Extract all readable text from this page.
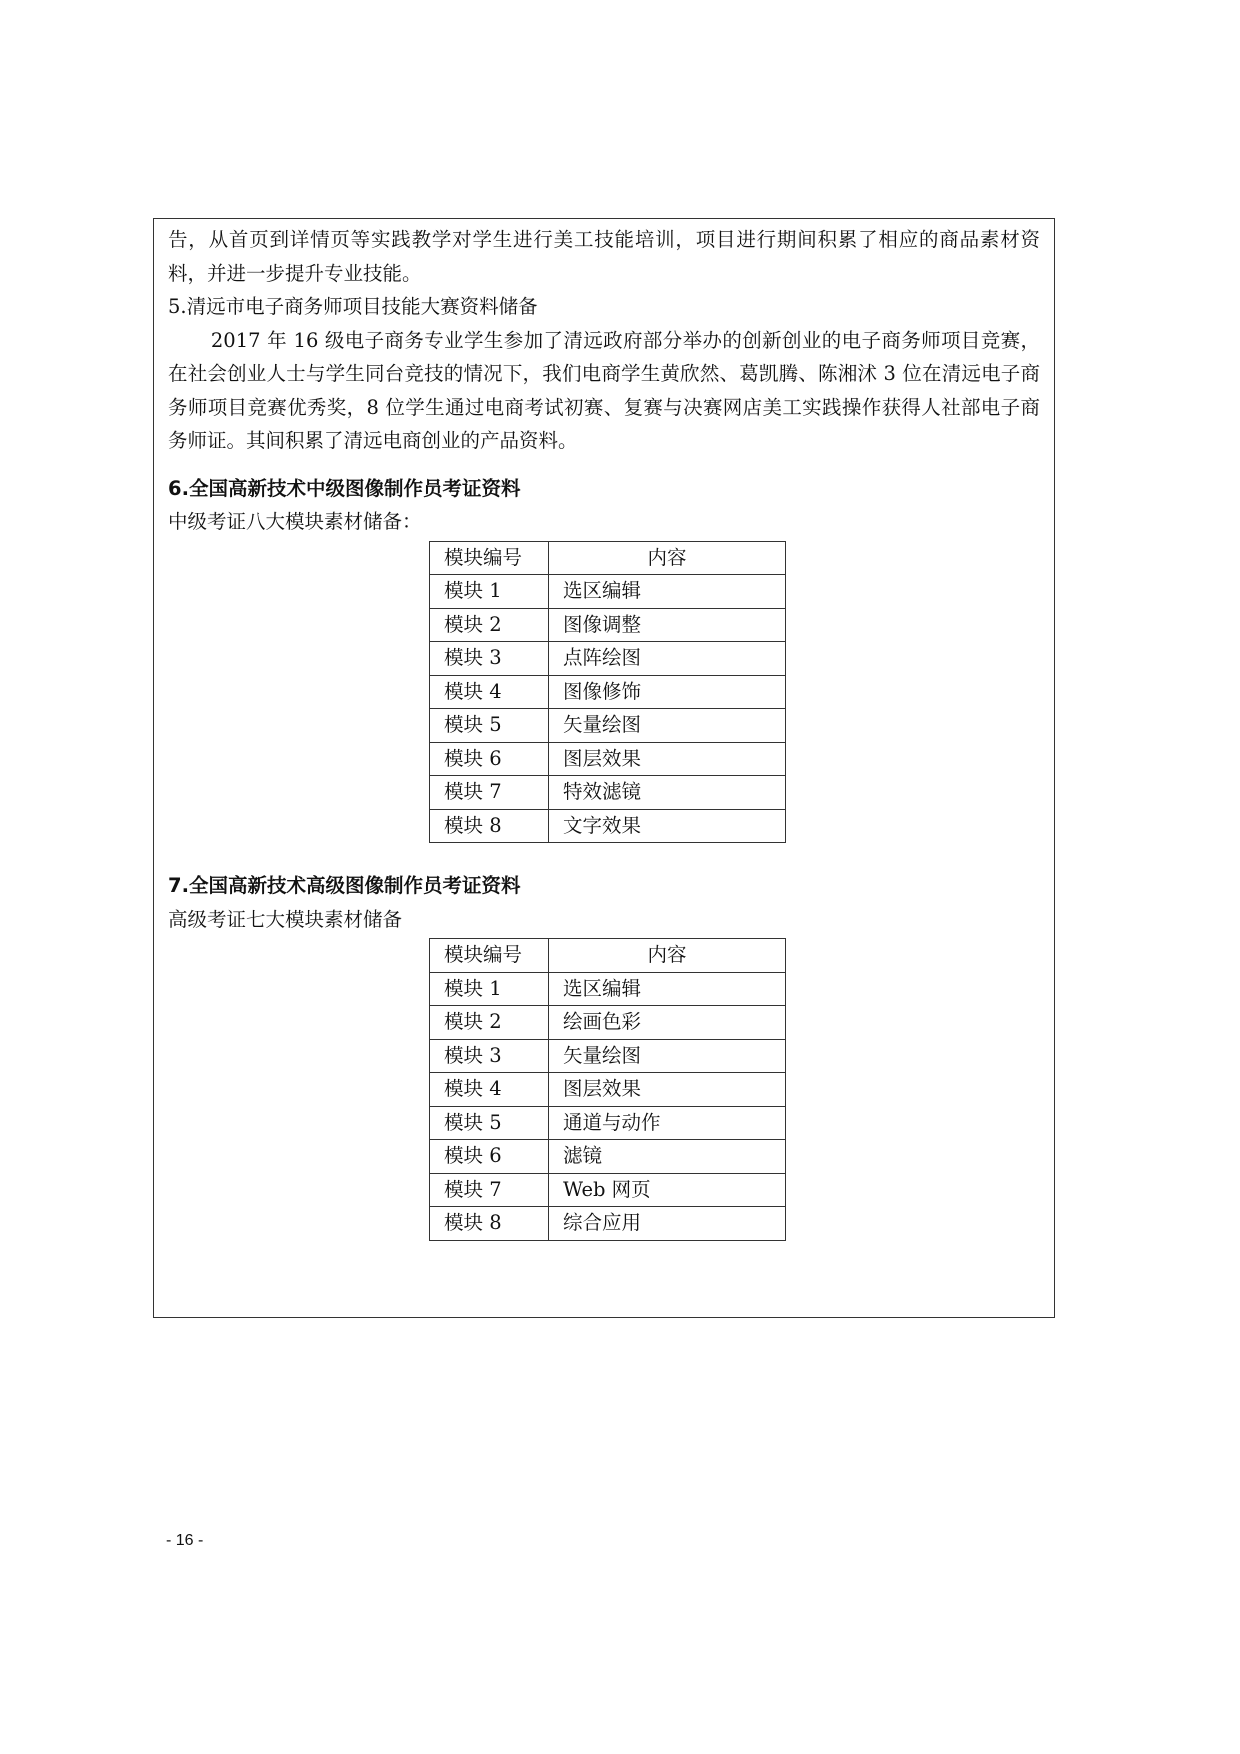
告，从首页到详情页等实践教学对学生进行美工技能培训，项目进行期间积累了相应的商品素材资料，并进一步提升专业技能。

5.清远市电子商务师项目技能大赛资料储备

2017 年 16 级电子商务专业学生参加了清远政府部分举办的创新创业的电子商务师项目竞赛，在社会创业人士与学生同台竞技的情况下，我们电商学生黄欣然、葛凯腾、陈湘沭 3 位在清远电子商务师项目竞赛优秀奖，8 位学生通过电商考试初赛、复赛与决赛网店美工实践操作获得人社部电子商务师证。其间积累了清远电商创业的产品资料。

6.全国高新技术中级图像制作员考证资料

中级考证八大模块素材储备：

模块编号	内容
模块 1	选区编辑
模块 2	图像调整
模块 3	点阵绘图
模块 4	图像修饰
模块 5	矢量绘图
模块 6	图层效果
模块 7	特效滤镜
模块 8	文字效果

7.全国高新技术高级图像制作员考证资料

高级考证七大模块素材储备

模块编号	内容
模块 1	选区编辑
模块 2	绘画色彩
模块 3	矢量绘图
模块 4	图层效果
模块 5	通道与动作
模块 6	滤镜
模块 7	Web 网页
模块 8	综合应用
- 16 -
